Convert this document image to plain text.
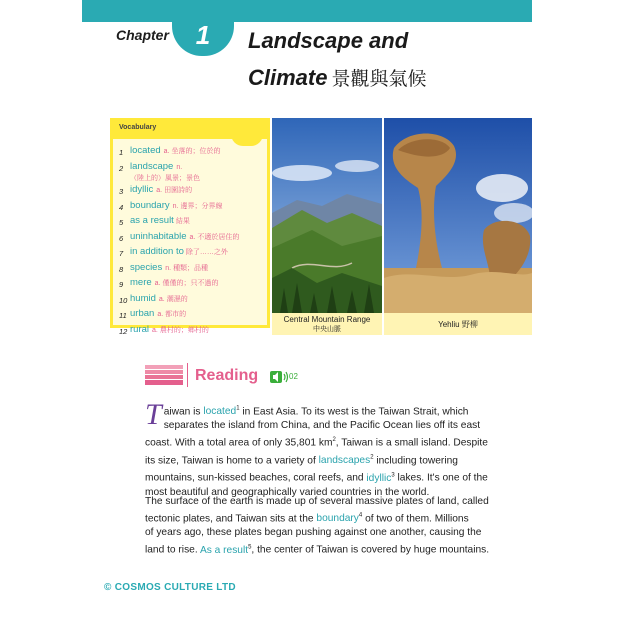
Chapter	1	Landscape and
Climate 景觀與氣候
Vocabulary
1 located a. 坐落的；位於的
2 landscape n.
（陸上的）風景；景色
3 idyllic a. 田園詩的
4 boundary n. 邊界；分界線
5 as a result 結果
6 uninhabitable a. 不適於居住的
7 in addition to 除了……之外
8 species n. 種類；品種
9 mere a. 僅僅的；只不過的
10 humid a. 潮濕的
11 urban a. 都市的
12 rural a. 農村的；鄉村的
Central Mountain Range
中央山脈
Yehliu 野柳
Reading	02
T aiwan is located$^1$ in East Asia. To its west is the Taiwan Strait, which
separates the island from China, and the Pacific Ocean lies off its east
coast. With a total area of only 35,801 $km^2$, Taiwan is a small island. Despite
its size, Taiwan is home to a variety of landscapes$^2$ including towering
mountains, sun-kissed beaches, coral reefs, and idyllic$^3$ lakes. It's one of the
most beautiful and geographically varied countries in the world.
The surface of the earth is made up of several massive plates of land, called
tectonic plates, and Taiwan sits at the boundary$^4$ of two of them. Millions
of years ago, these plates began pushing against one another, causing the
land to rise. As a result$^5$, the center of Taiwan is covered by huge mountains.
© COSMOS CULTURE LTD
